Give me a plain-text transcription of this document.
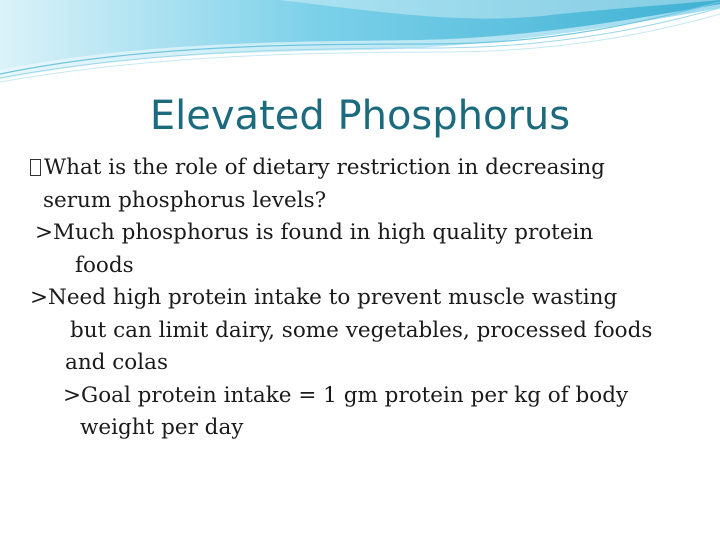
Elevated Phosphorus
What is the role of dietary restriction in decreasing
serum phosphorus levels?
>Much phosphorus is found in high quality protein
foods
>Need high protein intake to prevent muscle wasting
but can limit dairy, some vegetables, processed foods
and colas
>Goal protein intake = 1 gm protein per kg of body
weight per day
